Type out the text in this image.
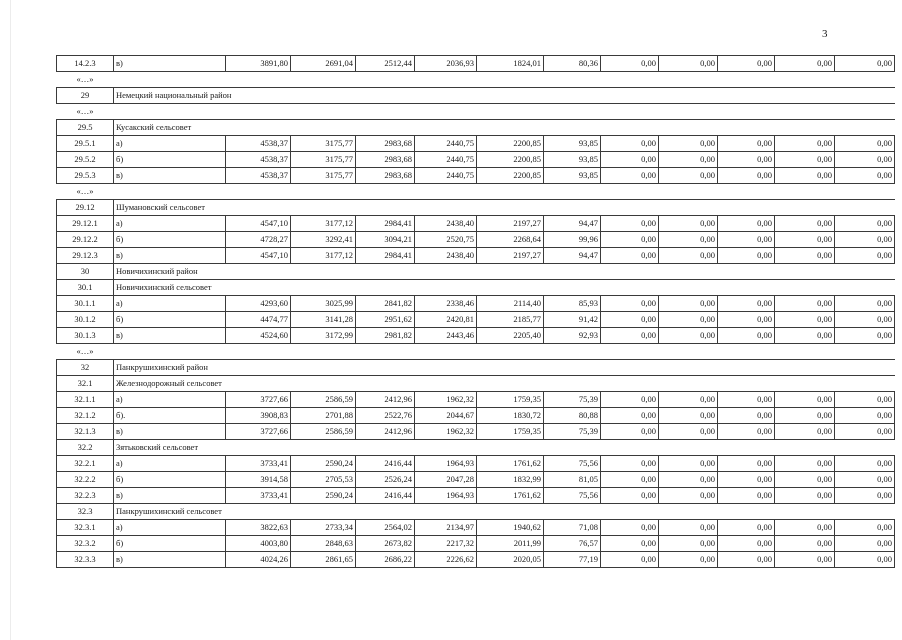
3
14.2.3	в)	3891,80	2691,04	2512,44	2036,93	1824,01	80,36	0,00	0,00	0,00	0,00	0,00
«…»												
29	Немецкий национальный район											
«…»												
29.5	Кусакский сельсовет											
29.5.1	а)	4538,37	3175,77	2983,68	2440,75	2200,85	93,85	0,00	0,00	0,00	0,00	0,00
29.5.2	б)	4538,37	3175,77	2983,68	2440,75	2200,85	93,85	0,00	0,00	0,00	0,00	0,00
29.5.3	в)	4538,37	3175,77	2983,68	2440,75	2200,85	93,85	0,00	0,00	0,00	0,00	0,00
«…»												
29.12	Шумановский сельсовет											
29.12.1	а)	4547,10	3177,12	2984,41	2438,40	2197,27	94,47	0,00	0,00	0,00	0,00	0,00
29.12.2	б)	4728,27	3292,41	3094,21	2520,75	2268,64	99,96	0,00	0,00	0,00	0,00	0,00
29.12.3	в)	4547,10	3177,12	2984,41	2438,40	2197,27	94,47	0,00	0,00	0,00	0,00	0,00
30	Новичихинский район											
30.1	Новичихинский сельсовет											
30.1.1	а)	4293,60	3025,99	2841,82	2338,46	2114,40	85,93	0,00	0,00	0,00	0,00	0,00
30.1.2	б)	4474,77	3141,28	2951,62	2420,81	2185,77	91,42	0,00	0,00	0,00	0,00	0,00
30.1.3	в)	4524,60	3172,99	2981,82	2443,46	2205,40	92,93	0,00	0,00	0,00	0,00	0,00
«…»												
32	Панкрушихинский район											
32.1	Железнодорожный сельсовет											
32.1.1	а)	3727,66	2586,59	2412,96	1962,32	1759,35	75,39	0,00	0,00	0,00	0,00	0,00
32.1.2	б).	3908,83	2701,88	2522,76	2044,67	1830,72	80,88	0,00	0,00	0,00	0,00	0,00
32.1.3	в)	3727,66	2586,59	2412,96	1962,32	1759,35	75,39	0,00	0,00	0,00	0,00	0,00
32.2	Зятьковский сельсовет											
32.2.1	а)	3733,41	2590,24	2416,44	1964,93	1761,62	75,56	0,00	0,00	0,00	0,00	0,00
32.2.2	б)	3914,58	2705,53	2526,24	2047,28	1832,99	81,05	0,00	0,00	0,00	0,00	0,00
32.2.3	в)	3733,41	2590,24	2416,44	1964,93	1761,62	75,56	0,00	0,00	0,00	0,00	0,00
32.3	Панкрушихинский сельсовет											
32.3.1	а)	3822,63	2733,34	2564,02	2134,97	1940,62	71,08	0,00	0,00	0,00	0,00	0,00
32.3.2	б)	4003,80	2848,63	2673,82	2217,32	2011,99	76,57	0,00	0,00	0,00	0,00	0,00
32.3.3	в)	4024,26	2861,65	2686,22	2226,62	2020,05	77,19	0,00	0,00	0,00	0,00	0,00
